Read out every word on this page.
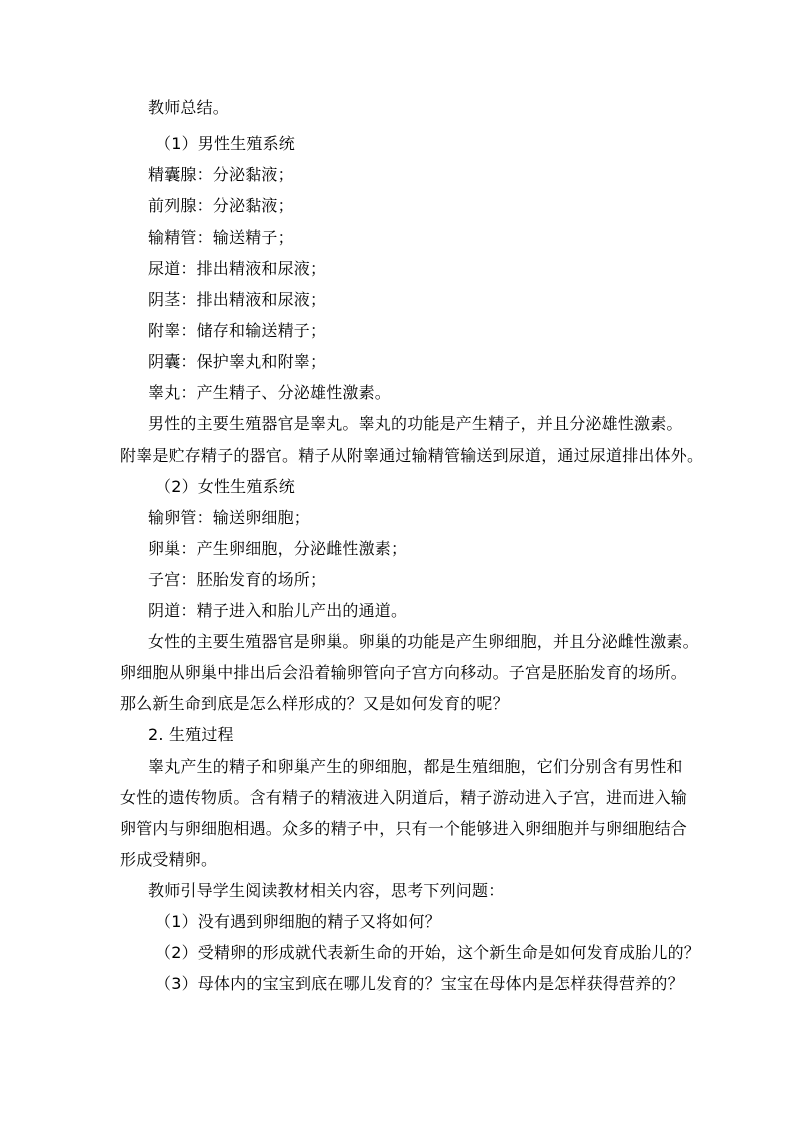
教师总结。
（1）男性生殖系统
精囊腺：分泌黏液；
前列腺：分泌黏液；
输精管：输送精子；
尿道：排出精液和尿液；
阴茎：排出精液和尿液；
附睾：储存和输送精子；
阴囊：保护睾丸和附睾；
睾丸：产生精子、分泌雄性激素。
男性的主要生殖器官是睾丸。睾丸的功能是产生精子，并且分泌雄性激素。
附睾是贮存精子的器官。精子从附睾通过输精管输送到尿道，通过尿道排出体外。
（2）女性生殖系统
输卵管：输送卵细胞；
卵巢：产生卵细胞，分泌雌性激素；
子宫：胚胎发育的场所；
阴道：精子进入和胎儿产出的通道。
女性的主要生殖器官是卵巢。卵巢的功能是产生卵细胞，并且分泌雌性激素。
卵细胞从卵巢中排出后会沿着输卵管向子宫方向移动。子宫是胚胎发育的场所。
那么新生命到底是怎么样形成的？又是如何发育的呢？
2. 生殖过程
睾丸产生的精子和卵巢产生的卵细胞，都是生殖细胞，它们分别含有男性和
女性的遗传物质。含有精子的精液进入阴道后，精子游动进入子宫，进而进入输
卵管内与卵细胞相遇。众多的精子中，只有一个能够进入卵细胞并与卵细胞结合
形成受精卵。
教师引导学生阅读教材相关内容，思考下列问题：
（1）没有遇到卵细胞的精子又将如何？
（2）受精卵的形成就代表新生命的开始，这个新生命是如何发育成胎儿的？
（3）母体内的宝宝到底在哪儿发育的？宝宝在母体内是怎样获得营养的？
